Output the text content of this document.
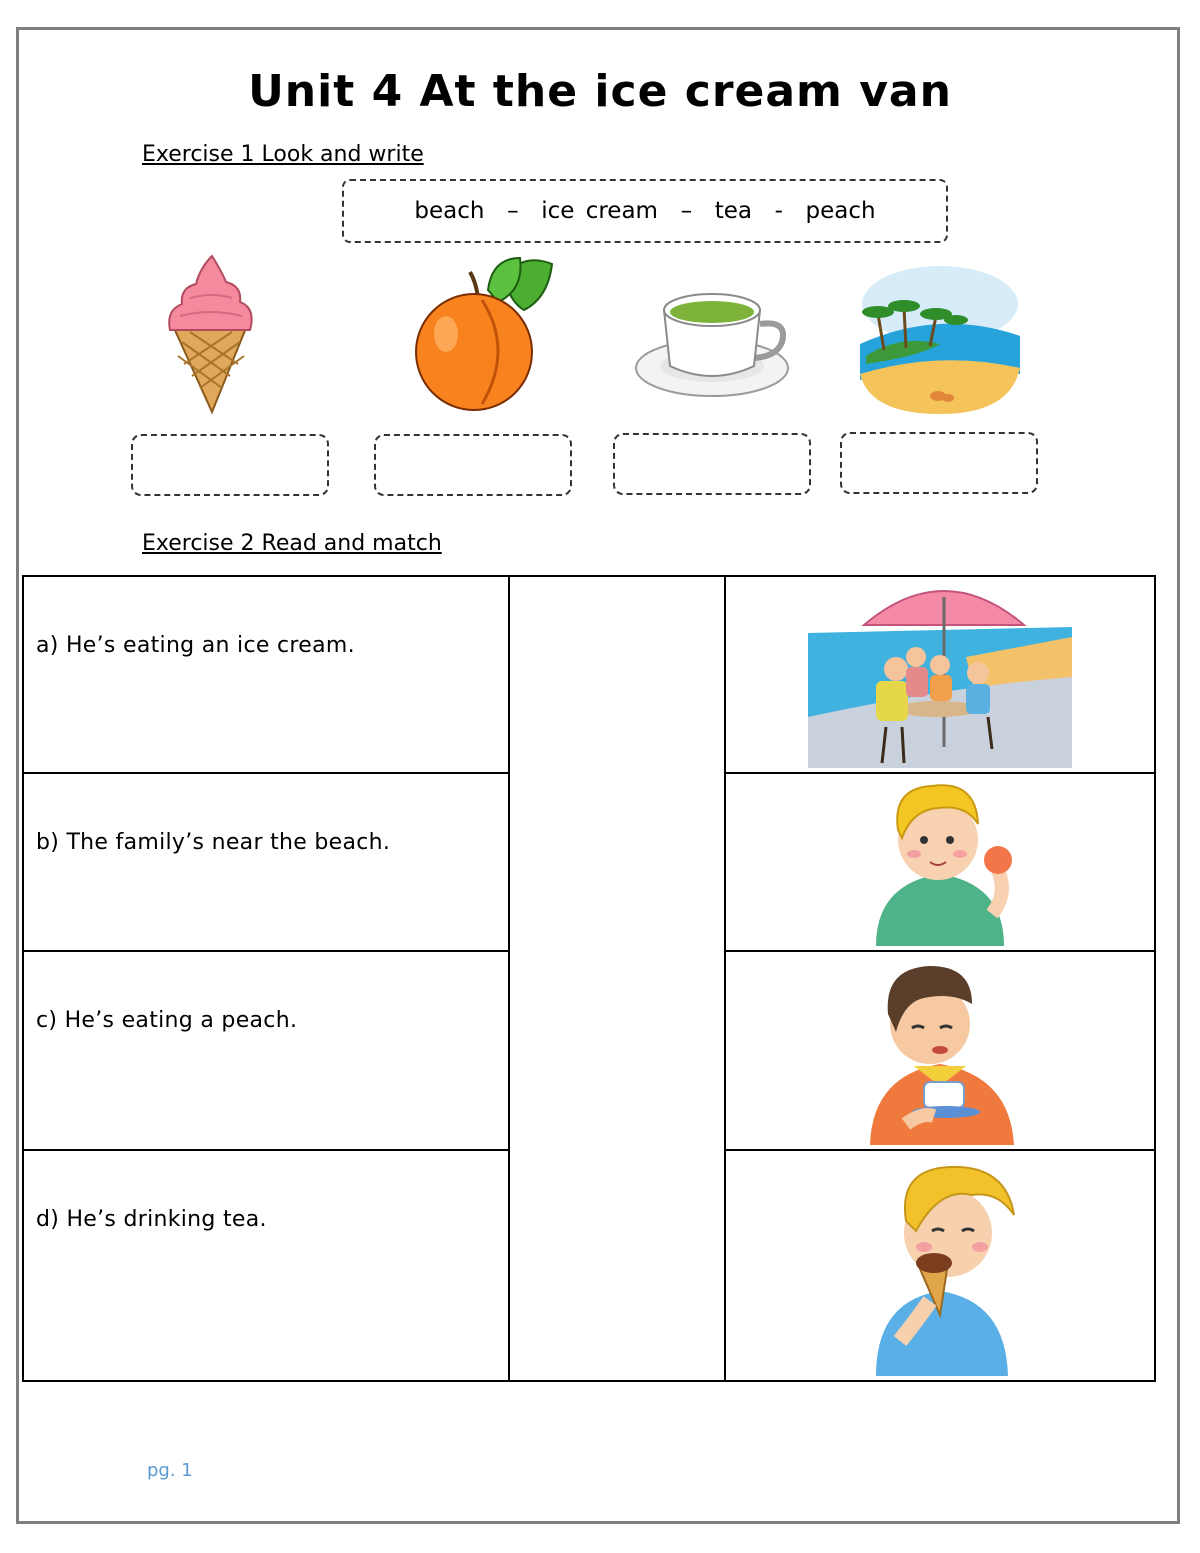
Unit 4 At the ice cream van
Exercise 1 Look and write
beach  –  ice cream  –  tea  -  peach
Exercise 2 Read and match
a) He’s eating an ice cream.

b) The family’s near the beach.

c) He’s eating a peach.

d) He’s drinking tea.

pg. 1
